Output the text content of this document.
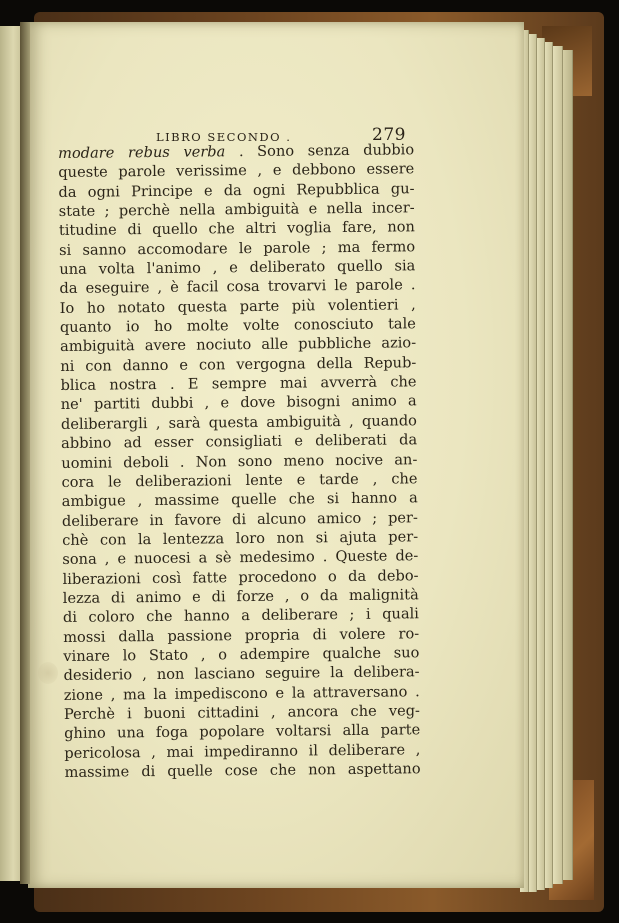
LIBRO SECONDO .	279
modare rebus verba . Sono senza dubbio
queste parole verissime , e debbono essere
da ogni Principe e da ogni Repubblica gu-
state ; perchè nella ambiguità e nella incer-
titudine di quello che altri voglia fare, non
si sanno accomodare le parole ; ma fermo
una volta l'animo , e deliberato quello sia
da eseguire , è facil cosa trovarvi le parole .
Io ho notato questa parte più volentieri ,
quanto io ho molte volte conosciuto tale
ambiguità avere nociuto alle pubbliche azio-
ni con danno e con vergogna della Repub-
blica nostra . E sempre mai avverrà che
ne' partiti dubbi , e dove bisogni animo a
deliberargli , sarà questa ambiguità , quando
abbino ad esser consigliati e deliberati da
uomini deboli . Non sono meno nocive an-
cora le deliberazioni lente e tarde , che
ambigue , massime quelle che si hanno a
deliberare in favore di alcuno amico ; per-
chè con la lentezza loro non si ajuta per-
sona , e nuocesi a sè medesimo . Queste de-
liberazioni così fatte procedono o da debo-
lezza di animo e di forze , o da malignità
di coloro che hanno a deliberare ; i quali
mossi dalla passione propria di volere ro-
vinare lo Stato , o adempire qualche suo
desiderio , non lasciano seguire la delibera-
zione , ma la impediscono e la attraversano .
Perchè i buoni cittadini , ancora che veg-
ghino una foga popolare voltarsi alla parte
pericolosa , mai impediranno il deliberare ,
massime di quelle cose che non aspettano
